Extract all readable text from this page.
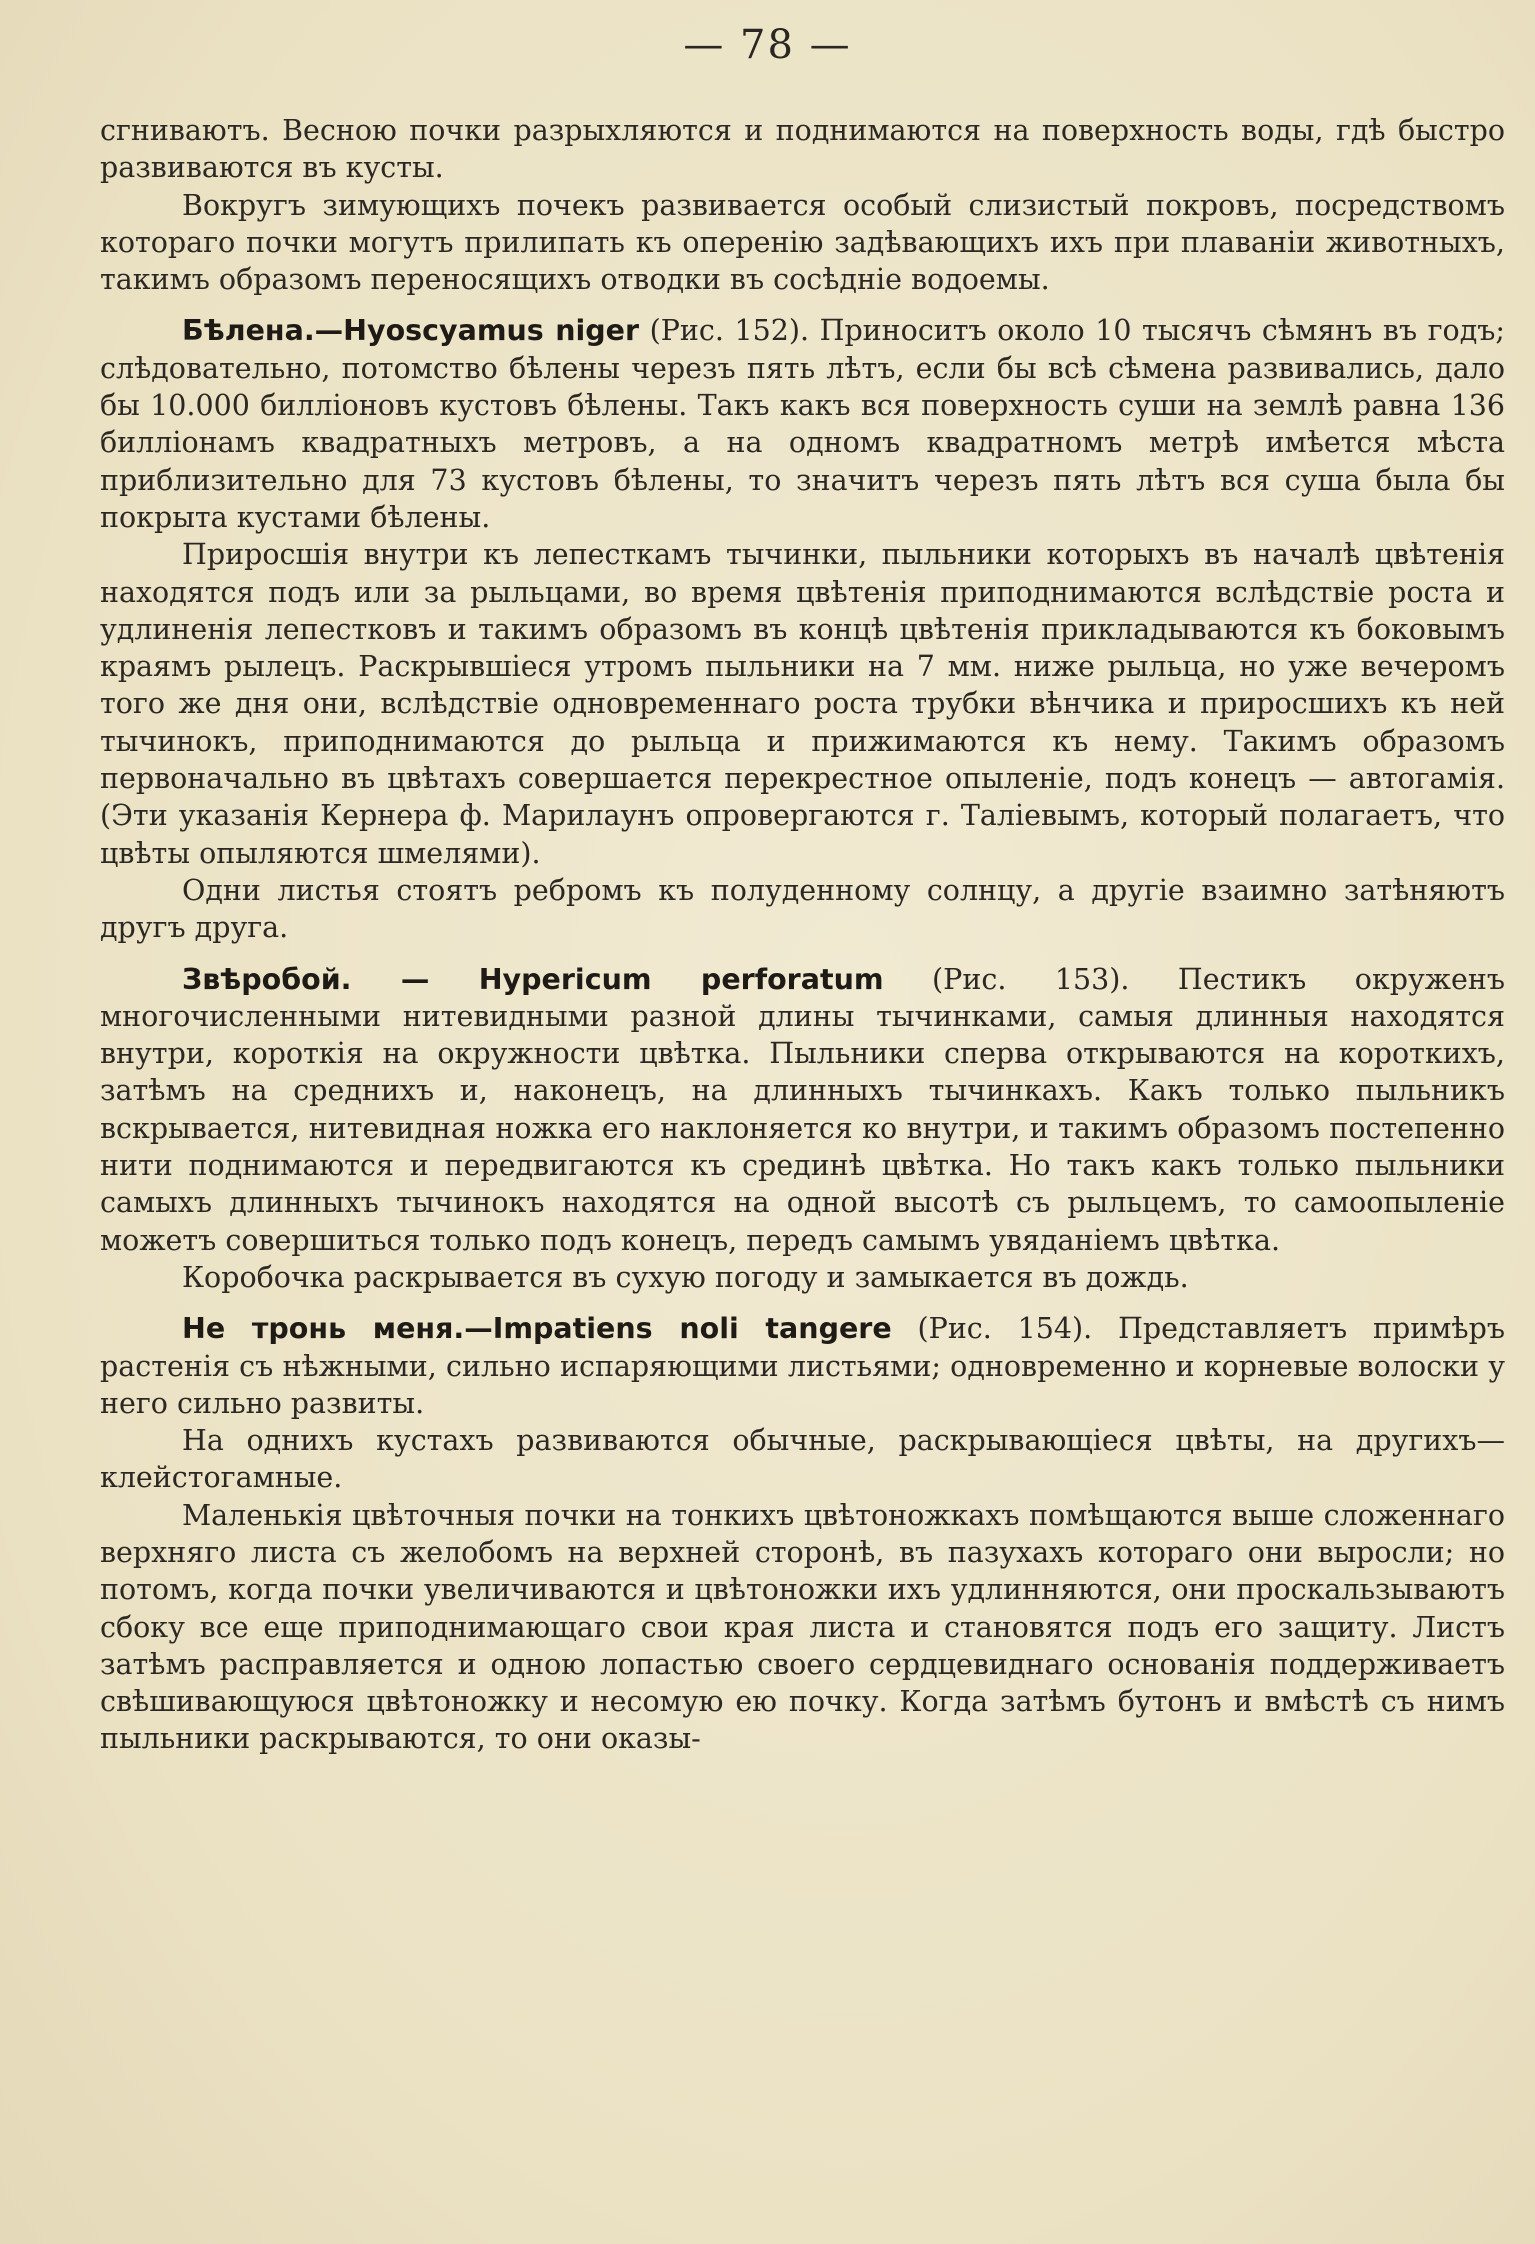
— 78 —

сгниваютъ. Весною почки разрыхляются и поднимаются на поверхность воды, гдѣ быстро развиваются въ кусты.

Вокругъ зимующихъ почекъ развивается особый слизистый покровъ, посредствомъ котораго почки могутъ прилипать къ оперенію задѣвающихъ ихъ при плаваніи животныхъ, такимъ образомъ переносящихъ отводки въ сосѣдніе водоемы.

Бѣлена.—Hyoscyamus niger (Рис. 152). Приноситъ около 10 тысячъ сѣмянъ въ годъ; слѣдовательно, потомство бѣлены черезъ пять лѣтъ, если бы всѣ сѣмена развивались, дало бы 10.000 билліоновъ кустовъ бѣлены. Такъ какъ вся поверхность суши на землѣ равна 136 билліонамъ квадратныхъ метровъ, а на одномъ квадратномъ метрѣ имѣется мѣста приблизительно для 73 кустовъ бѣлены, то значитъ черезъ пять лѣтъ вся суша была бы покрыта кустами бѣлены.

Приросшія внутри къ лепесткамъ тычинки, пыльники которыхъ въ началѣ цвѣтенія находятся подъ или за рыльцами, во время цвѣтенія приподнимаются вслѣдствіе роста и удлиненія лепестковъ и такимъ образомъ въ концѣ цвѣтенія прикладываются къ боковымъ краямъ рылецъ. Раскрывшіеся утромъ пыльники на 7 мм. ниже рыльца, но уже вечеромъ того же дня они, вслѣдствіе одновременнаго роста трубки вѣнчика и приросшихъ къ ней тычинокъ, приподнимаются до рыльца и прижимаются къ нему. Такимъ образомъ первоначально въ цвѣтахъ совершается перекрестное опыленіе, подъ конецъ — автогамія. (Эти указанія Кернера ф. Марилаунъ опровергаются г. Таліевымъ, который полагаетъ, что цвѣты опыляются шмелями).

Одни листья стоятъ ребромъ къ полуденному солнцу, а другіе взаимно затѣняютъ другъ друга.

Звѣробой. — Hypericum perforatum (Рис. 153). Пестикъ окруженъ многочисленными нитевидными разной длины тычинками, самыя длинныя находятся внутри, короткія на окружности цвѣтка. Пыльники сперва открываются на короткихъ, затѣмъ на среднихъ и, наконецъ, на длинныхъ тычинкахъ. Какъ только пыльникъ вскрывается, нитевидная ножка его наклоняется ко внутри, и такимъ образомъ постепенно нити поднимаются и передвигаются къ срединѣ цвѣтка. Но такъ какъ только пыльники самыхъ длинныхъ тычинокъ находятся на одной высотѣ съ рыльцемъ, то самоопыленіе можетъ совершиться только подъ конецъ, передъ самымъ увяданіемъ цвѣтка.

Коробочка раскрывается въ сухую погоду и замыкается въ дождь.

Не тронь меня.—Impatiens noli tangere (Рис. 154). Представляетъ примѣръ растенія съ нѣжными, сильно испаряющими листьями; одновременно и корневые волоски у него сильно развиты.

На однихъ кустахъ развиваются обычные, раскрывающіеся цвѣты, на другихъ—клейстогамные.

Маленькія цвѣточныя почки на тонкихъ цвѣтоножкахъ помѣщаются выше сложеннаго верхняго листа съ желобомъ на верхней сторонѣ, въ пазухахъ котораго они выросли; но потомъ, когда почки увеличиваются и цвѣтоножки ихъ удлинняются, они проскальзываютъ сбоку все еще приподнимающаго свои края листа и становятся подъ его защиту. Листъ затѣмъ расправляется и одною лопастью своего сердцевиднаго основанія поддерживаетъ свѣшивающуюся цвѣтоножку и несомую ею почку. Когда затѣмъ бутонъ и вмѣстѣ съ нимъ пыльники раскрываются, то они оказы-
